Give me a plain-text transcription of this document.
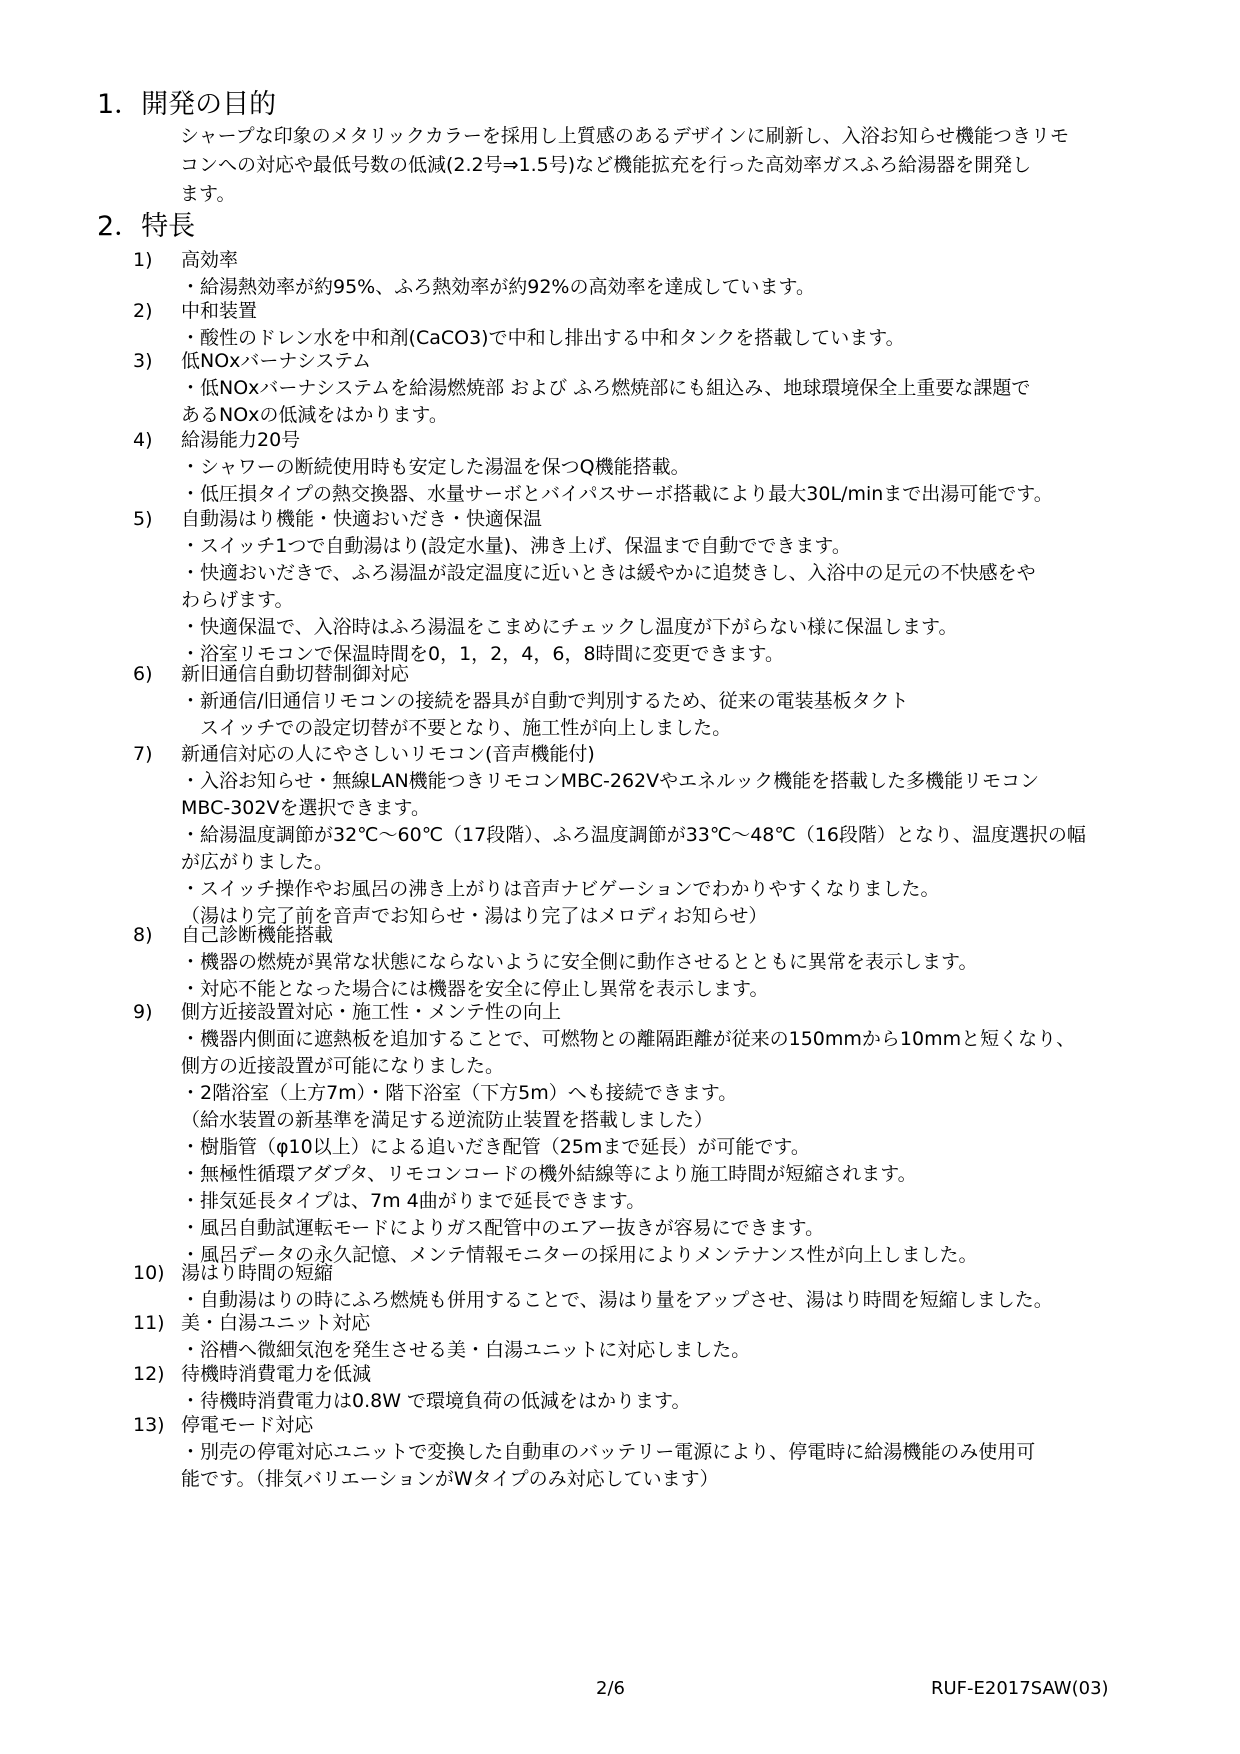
1．開発の目的
シャープな印象のメタリックカラーを採用し上質感のあるデザインに刷新し、入浴お知らせ機能つきリモ
コンへの対応や最低号数の低減(2.2号⇒1.5号)など機能拡充を行った高効率ガスふろ給湯器を開発し
ます。
2．特長
1) 高効率
・給湯熱効率が約95%、ふろ熱効率が約92%の高効率を達成しています。
2) 中和装置
・酸性のドレン水を中和剤(CaCO3)で中和し排出する中和タンクを搭載しています。
3) 低NOxバーナシステム
・低NOxバーナシステムを給湯燃焼部 および ふろ燃焼部にも組込み、地球環境保全上重要な課題で
あるNOxの低減をはかります。
4) 給湯能力20号
・シャワーの断続使用時も安定した湯温を保つQ機能搭載。
・低圧損タイプの熱交換器、水量サーボとバイパスサーボ搭載により最大30L/minまで出湯可能です。
5) 自動湯はり機能・快適おいだき・快適保温
・スイッチ1つで自動湯はり(設定水量)、沸き上げ、保温まで自動でできます。
・快適おいだきで、ふろ湯温が設定温度に近いときは緩やかに追焚きし、入浴中の足元の不快感をや
わらげます。
・快適保温で、入浴時はふろ湯温をこまめにチェックし温度が下がらない様に保温します。
・浴室リモコンで保温時間を0，1，2，4，6，8時間に変更できます。
6) 新旧通信自動切替制御対応
・新通信/旧通信リモコンの接続を器具が自動で判別するため、従来の電装基板タクト
　スイッチでの設定切替が不要となり、施工性が向上しました。
7) 新通信対応の人にやさしいリモコン(音声機能付)
・入浴お知らせ・無線LAN機能つきリモコンMBC-262Vやエネルック機能を搭載した多機能リモコン
MBC-302Vを選択できます。
・給湯温度調節が32℃～60℃（17段階）、ふろ温度調節が33℃～48℃（16段階）となり、温度選択の幅
が広がりました。
・スイッチ操作やお風呂の沸き上がりは音声ナビゲーションでわかりやすくなりました。
（湯はり完了前を音声でお知らせ・湯はり完了はメロディお知らせ）
8) 自己診断機能搭載
・機器の燃焼が異常な状態にならないように安全側に動作させるとともに異常を表示します。
・対応不能となった場合には機器を安全に停止し異常を表示します。
9) 側方近接設置対応・施工性・メンテ性の向上
・機器内側面に遮熱板を追加することで、可燃物との離隔距離が従来の150mmから10mmと短くなり、
側方の近接設置が可能になりました。
・2階浴室（上方7m）・階下浴室（下方5m）へも接続できます。
（給水装置の新基準を満足する逆流防止装置を搭載しました）
・樹脂管（φ10以上）による追いだき配管（25mまで延長）が可能です。
・無極性循環アダプタ、リモコンコードの機外結線等により施工時間が短縮されます。
・排気延長タイプは、7m 4曲がりまで延長できます。
・風呂自動試運転モードによりガス配管中のエアー抜きが容易にできます。
・風呂データの永久記憶、メンテ情報モニターの採用によりメンテナンス性が向上しました。
10) 湯はり時間の短縮
・自動湯はりの時にふろ燃焼も併用することで、湯はり量をアップさせ、湯はり時間を短縮しました。
11) 美・白湯ユニット対応
・浴槽へ微細気泡を発生させる美・白湯ユニットに対応しました。
12) 待機時消費電力を低減
・待機時消費電力は0.8W で環境負荷の低減をはかります。
13) 停電モード対応
・別売の停電対応ユニットで変換した自動車のバッテリー電源により、停電時に給湯機能のみ使用可
能です。（排気バリエーションがWタイプのみ対応しています）
2/6	RUF-E2017SAW(03)
